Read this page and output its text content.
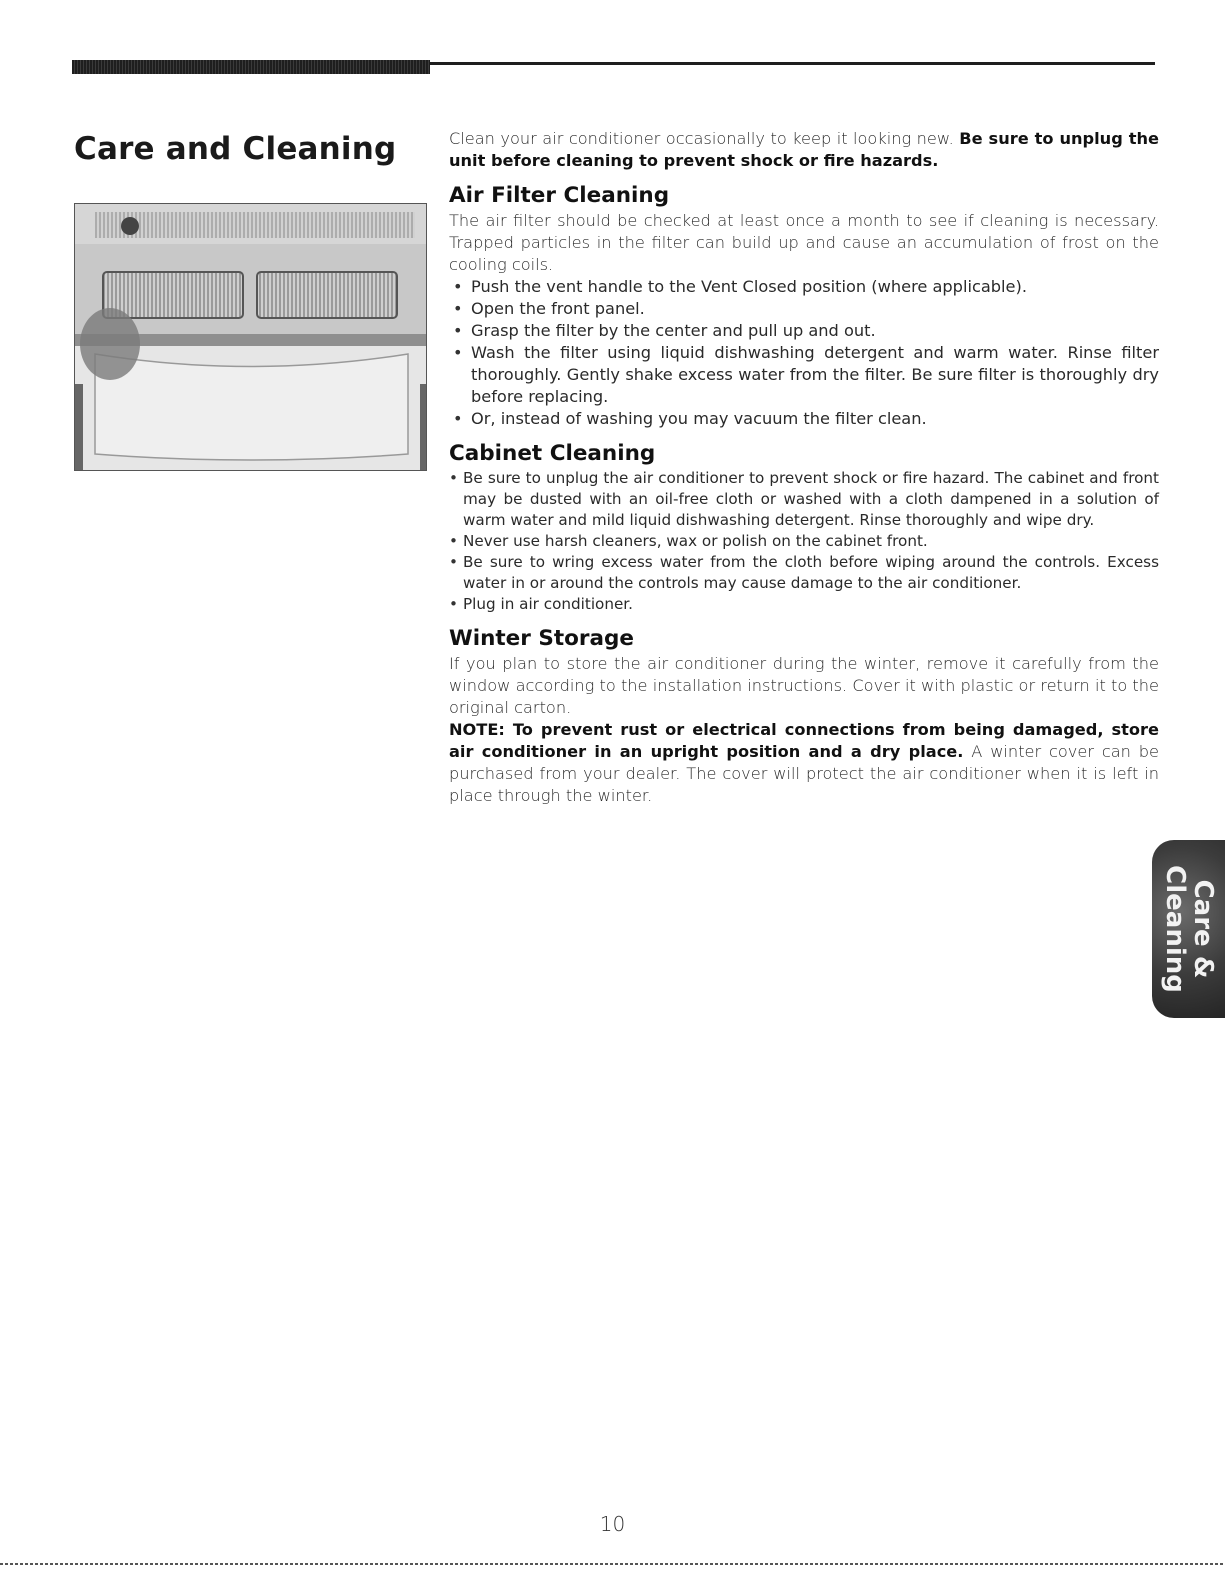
Care and Cleaning	Clean your air conditioner occasionally to keep it looking new. Be sure to unplug the unit before cleaning to prevent shock or fire hazards.

Air Filter Cleaning

The air filter should be checked at least once a month to see if cleaning is necessary. Trapped particles in the filter can build up and cause an accumulation of frost on the cooling coils.

• Push the vent handle to the Vent Closed position (where applicable).
• Open the front panel.
• Grasp the filter by the center and pull up and out.
• Wash the filter using liquid dishwashing detergent and warm water. Rinse filter thoroughly. Gently shake excess water from the filter. Be sure filter is thoroughly dry before replacing.
• Or, instead of washing you may vacuum the filter clean.
Cabinet Cleaning
• Be sure to unplug the air conditioner to prevent shock or fire hazard. The cabinet and front may be dusted with an oil-free cloth or washed with a cloth dampened in a solution of warm water and mild liquid dishwashing detergent. Rinse thoroughly and wipe dry.
• Never use harsh cleaners, wax or polish on the cabinet front.
• Be sure to wring excess water from the cloth before wiping around the controls. Excess water in or around the controls may cause damage to the air conditioner.
• Plug in air conditioner.
Winter Storage

If you plan to store the air conditioner during the winter, remove it carefully from the window according to the installation instructions. Cover it with plastic or return it to the original carton.

NOTE: To prevent rust or electrical connections from being damaged, store air conditioner in an upright position and a dry place. A winter cover can be purchased from your dealer. The cover will protect the air conditioner when it is left in place through the winter.

Care &
Cleaning
10
